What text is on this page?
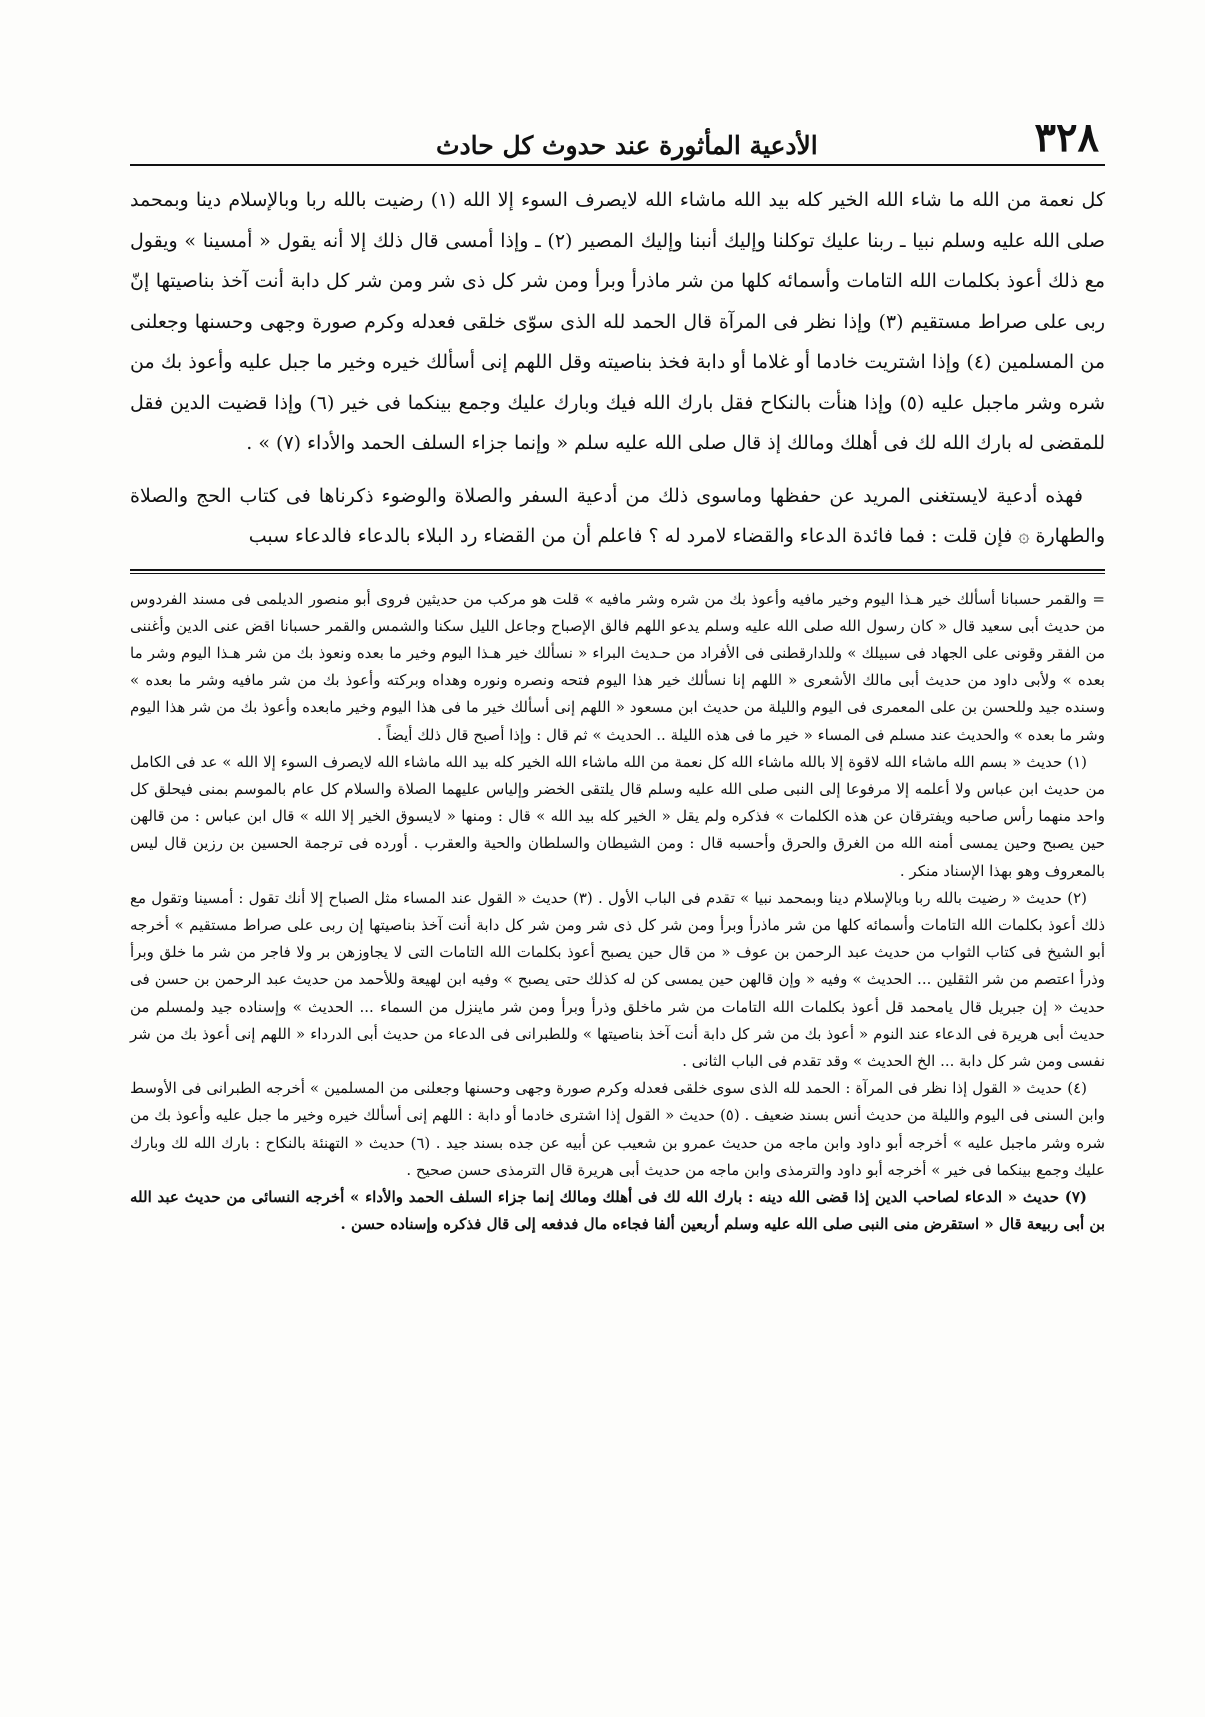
٣٢٨
الأدعية المأثورة عند حدوث كل حادث

كل نعمة من الله ما شاء الله الخير كله بيد الله ماشاء الله لايصرف السوء إلا الله (١) رضيت بالله ربا وبالإسلام دينا وبمحمد صلى الله عليه وسلم نبيا ـ ربنا عليك توكلنا وإليك أنبنا وإليك المصير (٢) ـ وإذا أمسى قال ذلك إلا أنه يقول « أمسينا » ويقول مع ذلك أعوذ بكلمات الله التامات وأسمائه كلها من شر ماذرأ وبرأ ومن شر كل ذى شر ومن شر كل دابة أنت آخذ بناصيتها إنّ ربى على صراط مستقيم (٣) وإذا نظر فى المرآة قال الحمد لله الذى سوّى خلقى فعدله وكرم صورة وجهى وحسنها وجعلنى من المسلمين (٤) وإذا اشتريت خادما أو غلاما أو دابة فخذ بناصيته وقل اللهم إنى أسألك خيره وخير ما جبل عليه وأعوذ بك من شره وشر ماجبل عليه (٥) وإذا هنأت بالنكاح فقل بارك الله فيك وبارك عليك وجمع بينكما فى خير (٦) وإذا قضيت الدين فقل للمقضى له بارك الله لك فى أهلك ومالك إذ قال صلى الله عليه سلم « وإنما جزاء السلف الحمد والأداء (٧) » .

فهذه أدعية لايستغنى المريد عن حفظها وماسوى ذلك من أدعية السفر والصلاة والوضوء ذكرناها فى كتاب الحج والصلاة والطهارة ۞ فإن قلت : فما فائدة الدعاء والقضاء لامرد له ؟ فاعلم أن من القضاء رد البلاء بالدعاء فالدعاء سبب

= والقمر حسبانا أسألك خير هـذا اليوم وخير مافيه وأعوذ بك من شره وشر مافيه » قلت هو مركب من حديثين فروى أبو منصور الديلمى فى مسند الفردوس من حديث أبى سعيد قال « كان رسول الله صلى الله عليه وسلم يدعو اللهم فالق الإصباح وجاعل الليل سكنا والشمس والقمر حسبانا اقض عنى الدين وأغننى من الفقر وقونى على الجهاد فى سبيلك » وللدارقطنى فى الأفراد من حـديث البراء « نسألك خير هـذا اليوم وخير ما بعده ونعوذ بك من شر هـذا اليوم وشر ما بعده » ولأبى داود من حديث أبى مالك الأشعرى « اللهم إنا نسألك خير هذا اليوم فتحه ونصره ونوره وهداه وبركته وأعوذ بك من شر مافيه وشر ما بعده » وسنده جيد وللحسن بن على المعمرى فى اليوم والليلة من حديث ابن مسعود « اللهم إنى أسألك خير ما فى هذا اليوم وخير مابعده وأعوذ بك من شر هذا اليوم وشر ما بعده » والحديث عند مسلم فى المساء « خير ما فى هذه الليلة .. الحديث » ثم قال : وإذا أصبح قال ذلك أيضاً .

(١) حديث « بسم الله ماشاء الله لاقوة إلا بالله ماشاء الله كل نعمة من الله ماشاء الله الخير كله بيد الله ماشاء الله لايصرف السوء إلا الله » عد فى الكامل من حديث ابن عباس ولا أعلمه إلا مرفوعا إلى النبى صلى الله عليه وسلم قال يلتقى الخضر وإلياس عليهما الصلاة والسلام كل عام بالموسم بمنى فيحلق كل واحد منهما رأس صاحبه ويفترقان عن هذه الكلمات » فذكره ولم يقل « الخير كله بيد الله » قال : ومنها « لايسوق الخير إلا الله » قال ابن عباس : من قالهن حين يصبح وحين يمسى أمنه الله من الغرق والحرق وأحسبه قال : ومن الشيطان والسلطان والحية والعقرب . أورده فى ترجمة الحسين بن رزين قال ليس بالمعروف وهو بهذا الإسناد منكر .

(٢) حديث « رضيت بالله ربا وبالإسلام دينا وبمحمد نبيا » تقدم فى الباب الأول . (٣) حديث « القول عند المساء مثل الصباح إلا أنك تقول : أمسينا وتقول مع ذلك أعوذ بكلمات الله التامات وأسمائه كلها من شر ماذرأ وبرأ ومن شر كل ذى شر ومن شر كل دابة أنت آخذ بناصيتها إن ربى على صراط مستقيم » أخرجه أبو الشيخ فى كتاب الثواب من حديث عبد الرحمن بن عوف « من قال حين يصبح أعوذ بكلمات الله التامات التى لا يجاوزهن بر ولا فاجر من شر ما خلق وبرأ وذرأ اعتصم من شر الثقلين ... الحديث » وفيه « وإن قالهن حين يمسى كن له كذلك حتى يصبح » وفيه ابن لهيعة وللأحمد من حديث عبد الرحمن بن حسن فى حديث « إن جبريل قال يامحمد قل أعوذ بكلمات الله التامات من شر ماخلق وذرأ وبرأ ومن شر ماينزل من السماء ... الحديث » وإسناده جيد ولمسلم من حديث أبى هريرة فى الدعاء عند النوم « أعوذ بك من شر كل دابة أنت آخذ بناصيتها » وللطبرانى فى الدعاء من حديث أبى الدرداء « اللهم إنى أعوذ بك من شر نفسى ومن شر كل دابة ... الخ الحديث » وقد تقدم فى الباب الثانى .

(٤) حديث « القول إذا نظر فى المرآة : الحمد لله الذى سوى خلقى فعدله وكرم صورة وجهى وحسنها وجعلنى من المسلمين » أخرجه الطبرانى فى الأوسط وابن السنى فى اليوم والليلة من حديث أنس بسند ضعيف . (٥) حديث « القول إذا اشترى خادما أو دابة : اللهم إنى أسألك خيره وخير ما جبل عليه وأعوذ بك من شره وشر ماجبل عليه » أخرجه أبو داود وابن ماجه من حديث عمرو بن شعيب عن أبيه عن جده بسند جيد . (٦) حديث « التهنئة بالنكاح : بارك الله لك وبارك عليك وجمع بينكما فى خير » أخرجه أبو داود والترمذى وابن ماجه من حديث أبى هريرة قال الترمذى حسن صحيح .

(٧) حديث « الدعاء لصاحب الدين إذا قضى الله دينه : بارك الله لك فى أهلك ومالك إنما جزاء السلف الحمد والأداء » أخرجه النسائى من حديث عبد الله بن أبى ربيعة قال « استقرض منى النبى صلى الله عليه وسلم أربعين ألفا فجاءه مال فدفعه إلى قال فذكره وإسناده حسن .
